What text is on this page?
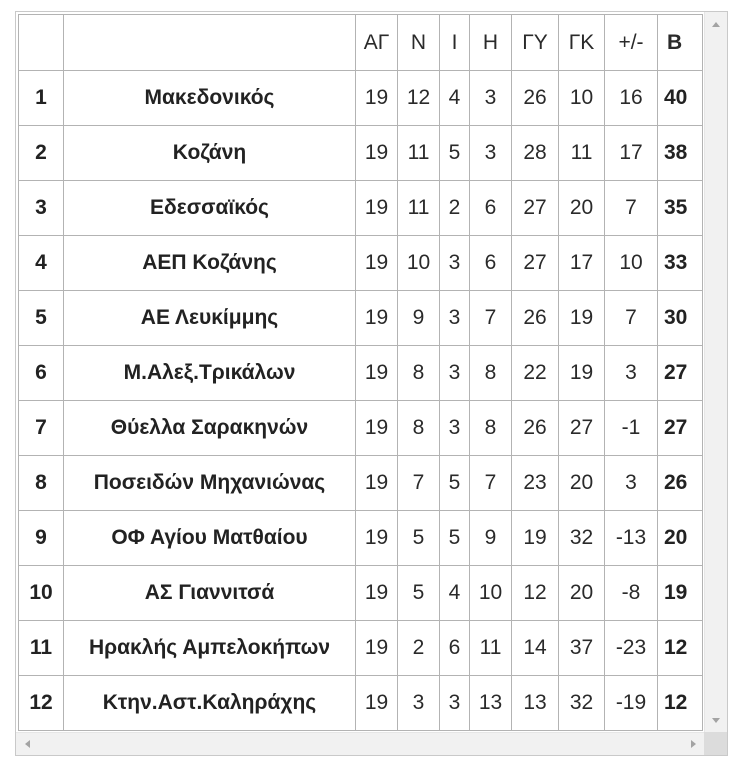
		ΑΓ	Ν	Ι	Η	ΓΥ	ΓΚ	+/-	Β
1	Μακεδονικός	19	12	4	3	26	10	16	40
2	Κοζάνη	19	11	5	3	28	11	17	38
3	Εδεσσαϊκός	19	11	2	6	27	20	7	35
4	ΑΕΠ Κοζάνης	19	10	3	6	27	17	10	33
5	ΑΕ Λευκίμμης	19	9	3	7	26	19	7	30
6	Μ.Αλεξ.Τρικάλων	19	8	3	8	22	19	3	27
7	Θύελλα Σαρακηνών	19	8	3	8	26	27	-1	27
8	Ποσειδών Μηχανιώνας	19	7	5	7	23	20	3	26
9	ΟΦ Αγίου Ματθαίου	19	5	5	9	19	32	-13	20
10	ΑΣ Γιαννιτσά	19	5	4	10	12	20	-8	19
11	Ηρακλής Αμπελοκήπων	19	2	6	11	14	37	-23	12
12	Κτην.Αστ.Καληράχης	19	3	3	13	13	32	-19	12
